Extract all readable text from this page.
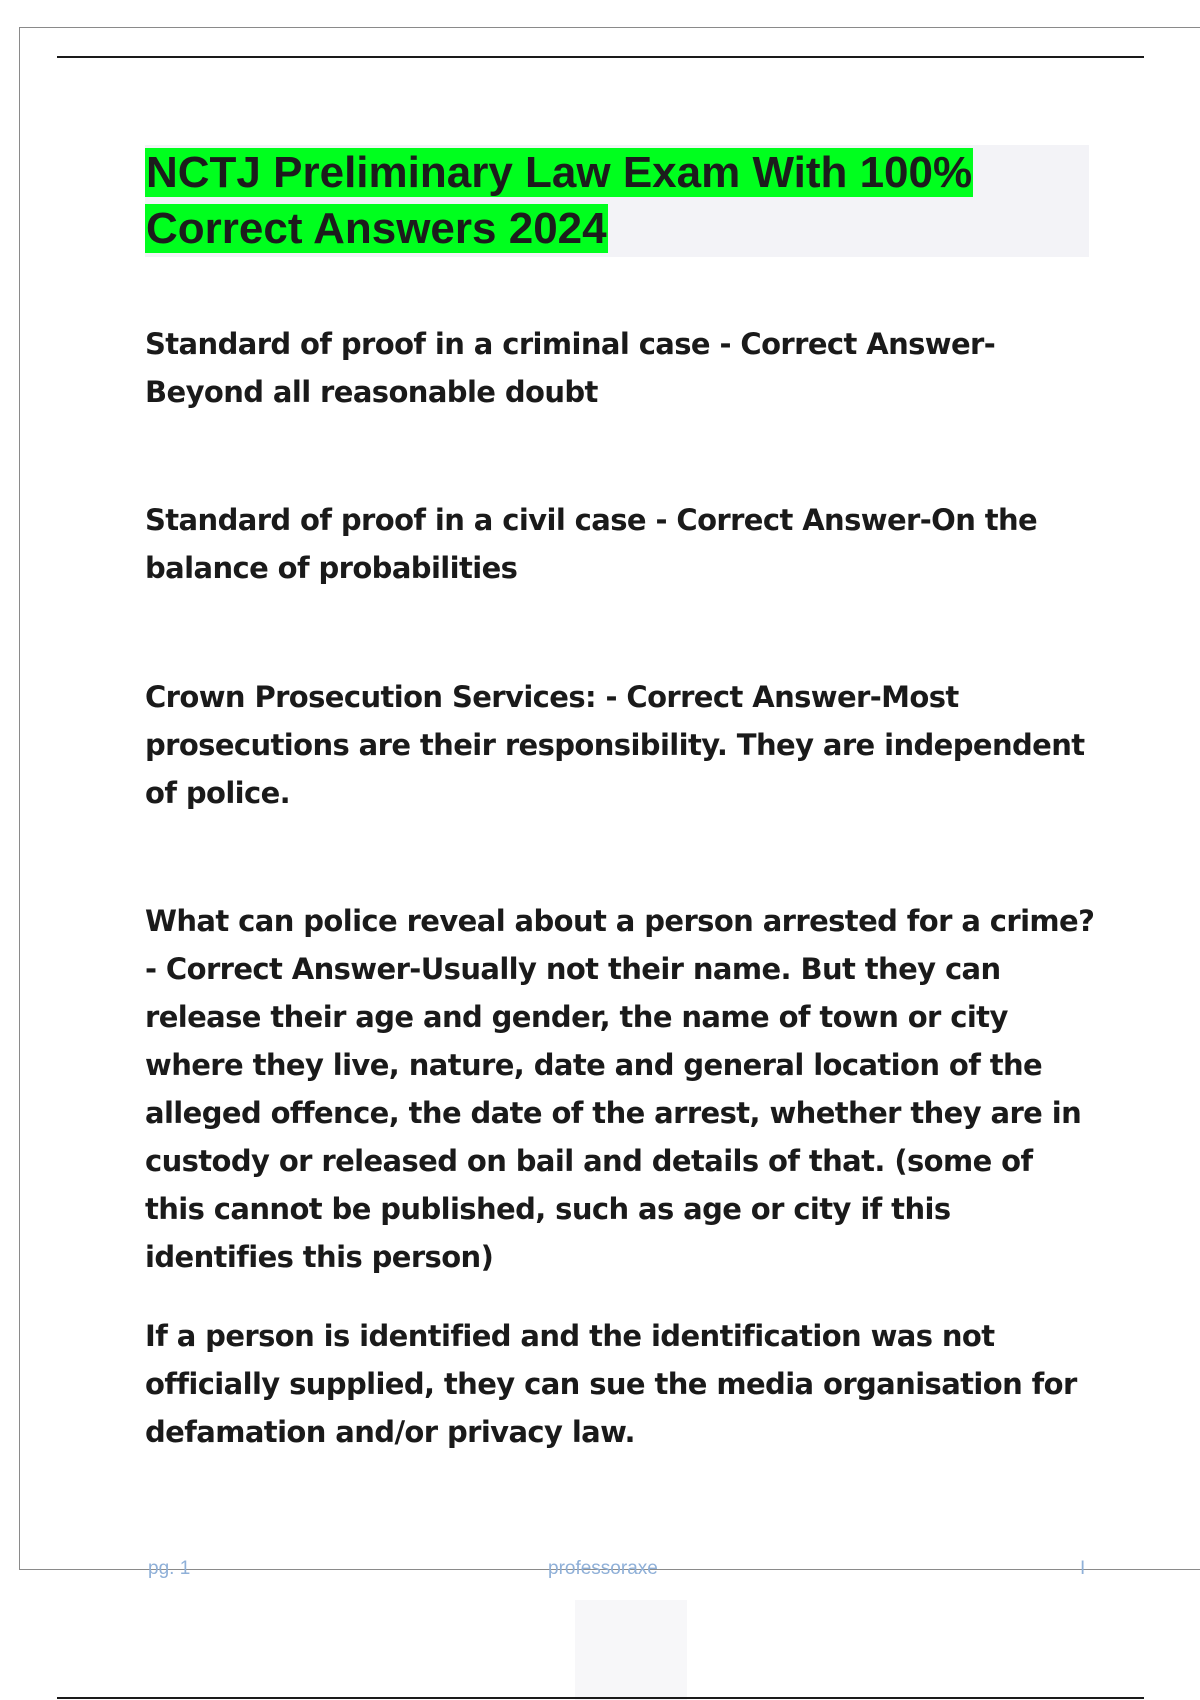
NCTJ Preliminary Law Exam With 100%
Correct Answers 2024

Standard of proof in a criminal case - Correct Answer-Beyond all reasonable doubt

Standard of proof in a civil case - Correct Answer-On the balance of probabilities

Crown Prosecution Services: - Correct Answer-Most prosecutions are their responsibility. They are independent of police.

What can police reveal about a person arrested for a crime? - Correct Answer-Usually not their name. But they can release their age and gender, the name of town or city where they live, nature, date and general location of the alleged offence, the date of the arrest, whether they are in custody or released on bail and details of that. (some of this cannot be published, such as age or city if this identifies this person)

If a person is identified and the identification was not officially supplied, they can sue the media organisation for defamation and/or privacy law.

pg. 1	professoraxe	I
